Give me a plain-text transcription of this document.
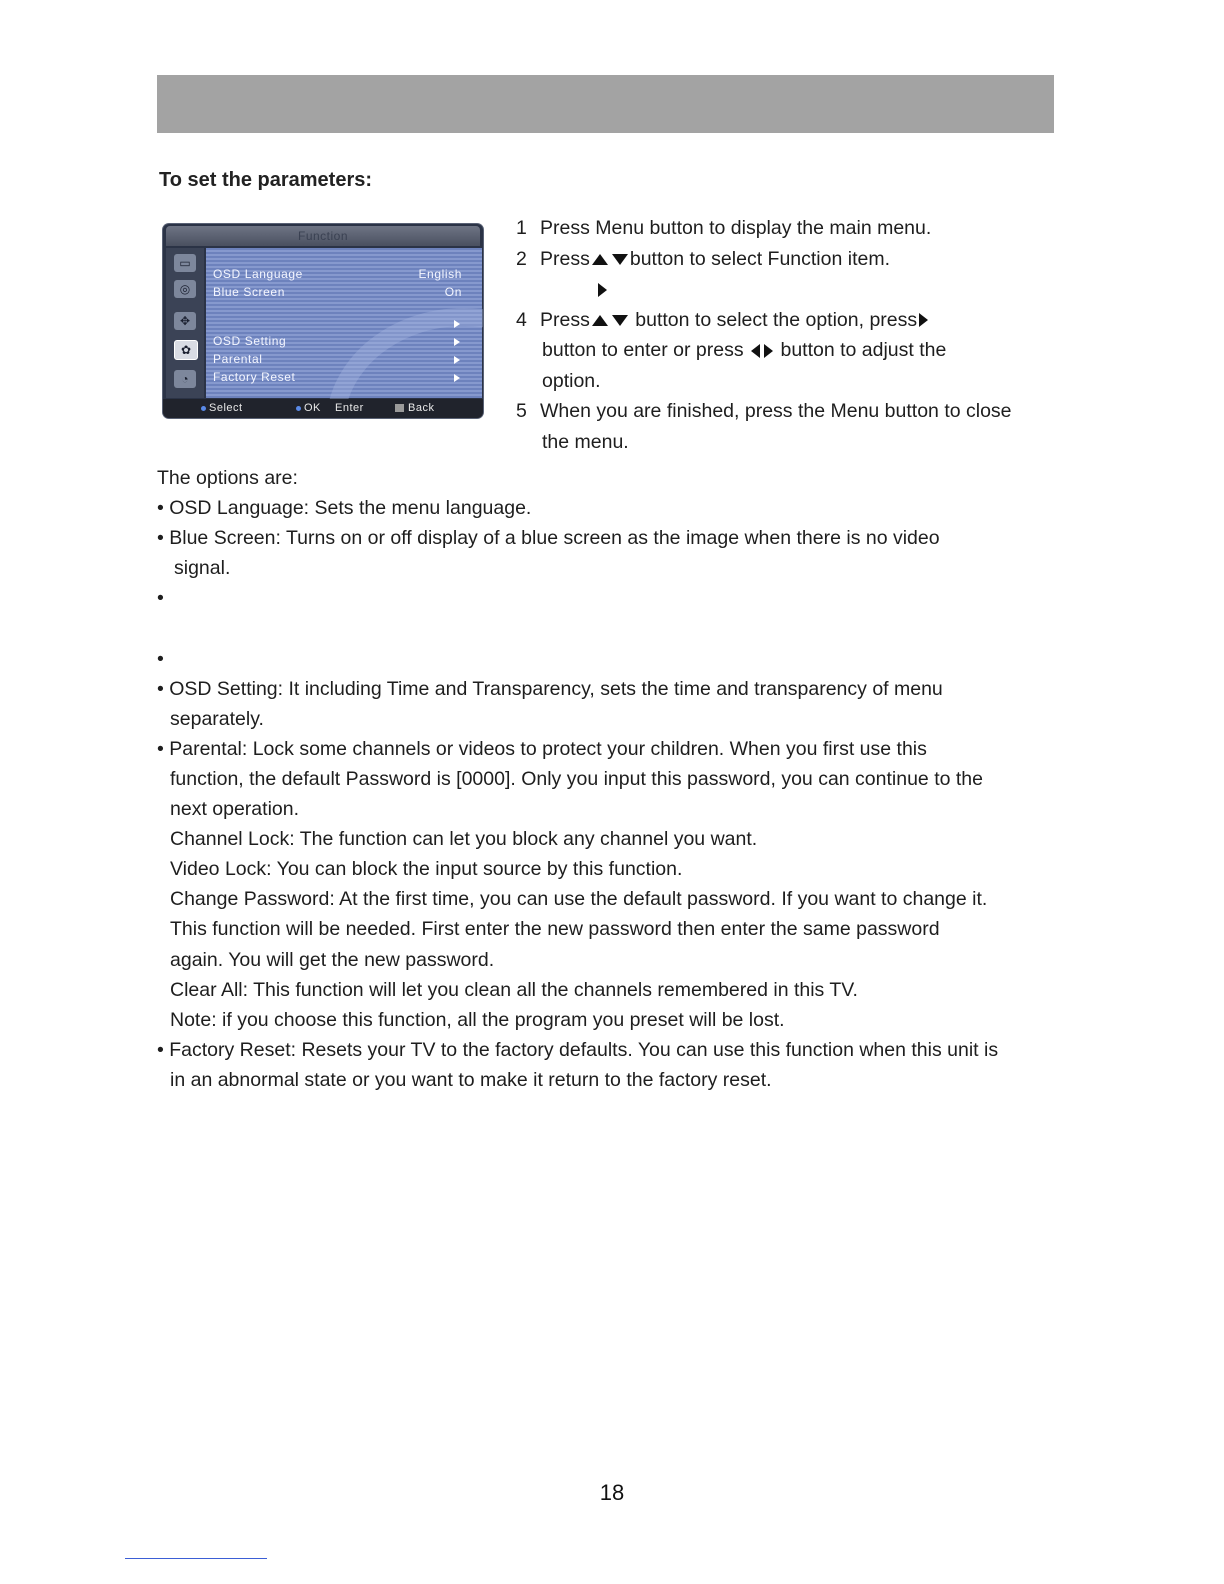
To set the parameters:
Function
▭
◎
✥
✿
◔
OSD Language	English
Blue Screen	On
OSD Setting
Parental
Factory Reset
Select	OK Enter	Back
1 Press Menu button to display the main menu.
2 Press button to select Function item.
4 Press button to select the option, press
button to enter or press button to adjust the
option.
5 When you are finished, press the Menu button to close
the menu.
The options are:
• OSD Language: Sets the menu language.
• Blue Screen: Turns on or off display of a blue screen as the image when there is no video
signal.
•

•
• OSD Setting: It including Time and Transparency, sets the time and transparency of menu
separately.
• Parental: Lock some channels or videos to protect your children. When you first use this
function, the default Password is [0000]. Only you input this password, you can continue to the
next operation.
Channel Lock: The function can let you block any channel you want.
Video Lock: You can block the input source by this function.
Change Password: At the first time, you can use the default password. If you want to change it.
This function will be needed. First enter the new password then enter the same password
again. You will get the new password.
Clear All: This function will let you clean all the channels remembered in this TV.
Note: if you choose this function, all the program you preset will be lost.
• Factory Reset: Resets your TV to the factory defaults. You can use this function when this unit is
in an abnormal state or you want to make it return to the factory reset.
18
